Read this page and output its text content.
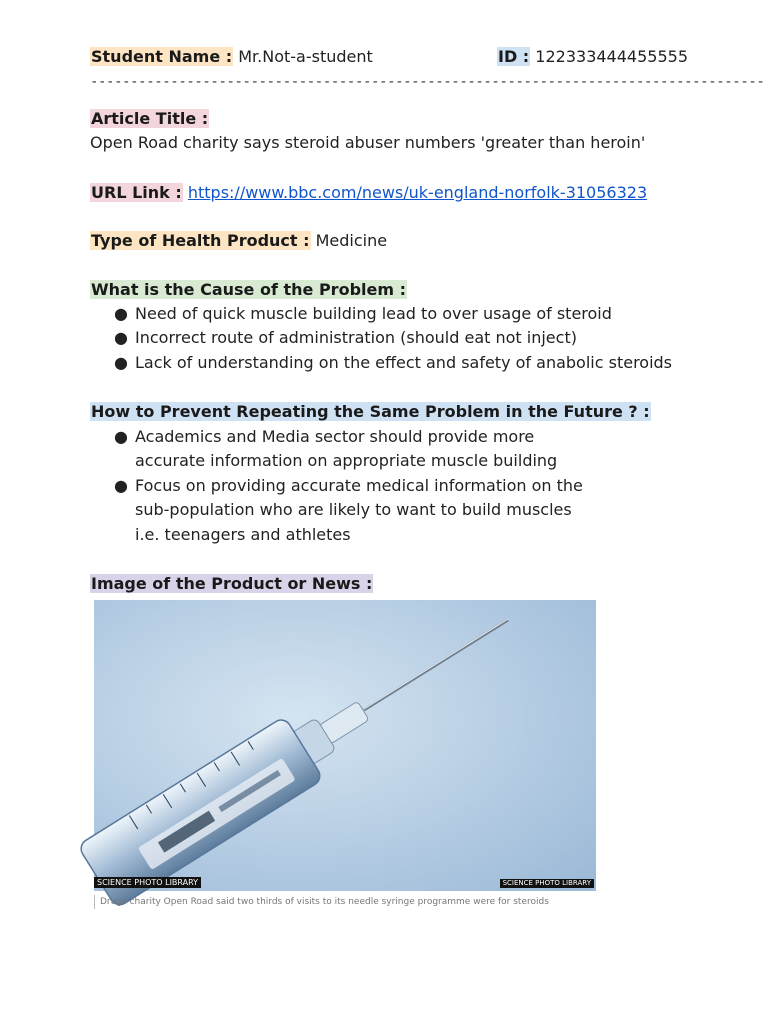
Student Name : Mr.Not-a-student	ID : 122333444455555
------------------------------------------------------------------------------------
Article Title :
Open Road charity says steroid abuser numbers 'greater than heroin'
URL Link : https://www.bbc.com/news/uk-england-norfolk-31056323
Type of Health Product : Medicine
What is the Cause of the Problem :
● Need of quick muscle building lead to over usage of steroid
● Incorrect route of administration (should eat not inject)
● Lack of understanding on the effect and safety of anabolic steroids
How to Prevent Repeating the Same Problem in the Future ? :
● Academics and Media sector should provide more accurate information on appropriate muscle building
● Focus on providing accurate medical information on the sub-population who are likely to want to build muscles i.e. teenagers and athletes
Image of the Product or News :
SCIENCE PHOTO LIBRARY	SCIENCE PHOTO LIBRARY
Drugs charity Open Road said two thirds of visits to its needle syringe programme were for steroids
